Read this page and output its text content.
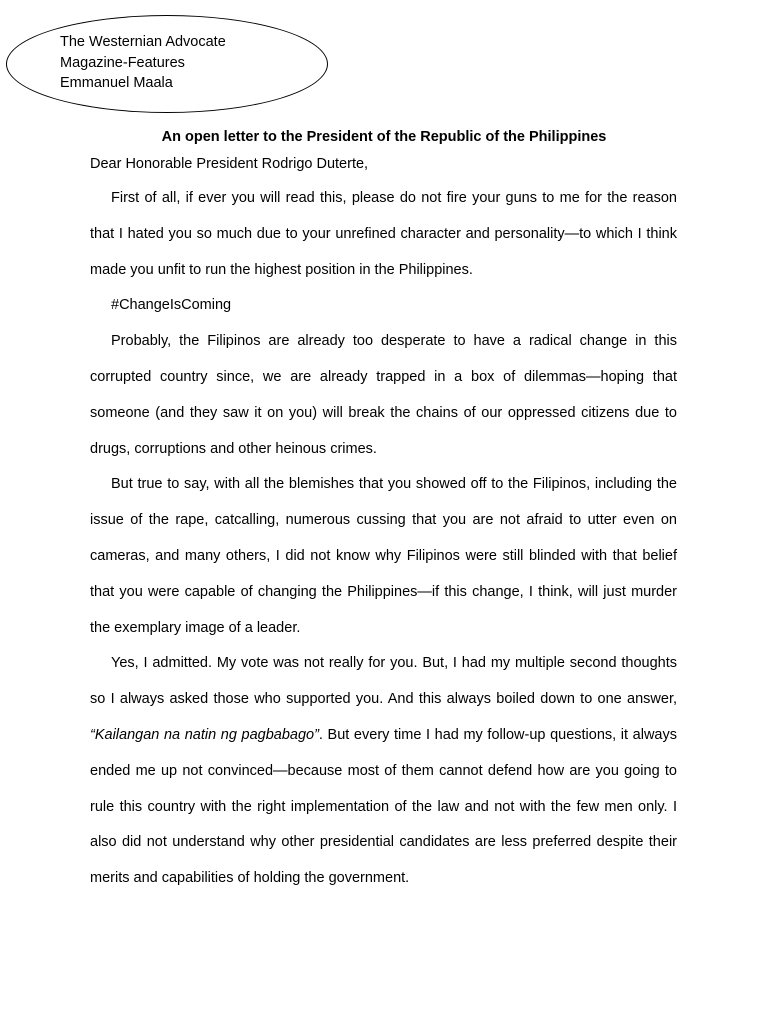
The Westernian Advocate
Magazine-Features
Emmanuel Maala
An open letter to the President of the Republic of the Philippines
Dear Honorable President Rodrigo Duterte,

First of all, if ever you will read this, please do not fire your guns to me for the reason that I hated you so much due to your unrefined character and personality—to which I think made you unfit to run the highest position in the Philippines.

#ChangeIsComing

Probably, the Filipinos are already too desperate to have a radical change in this corrupted country since, we are already trapped in a box of dilemmas—hoping that someone (and they saw it on you) will break the chains of our oppressed citizens due to drugs, corruptions and other heinous crimes.

But true to say, with all the blemishes that you showed off to the Filipinos, including the issue of the rape, catcalling, numerous cussing that you are not afraid to utter even on cameras, and many others, I did not know why Filipinos were still blinded with that belief that you were capable of changing the Philippines—if this change, I think, will just murder the exemplary image of a leader.

Yes, I admitted. My vote was not really for you. But, I had my multiple second thoughts so I always asked those who supported you. And this always boiled down to one answer, “Kailangan na natin ng pagbabago”. But every time I had my follow-up questions, it always ended me up not convinced—because most of them cannot defend how are you going to rule this country with the right implementation of the law and not with the few men only. I also did not understand why other presidential candidates are less preferred despite their merits and capabilities of holding the government.
